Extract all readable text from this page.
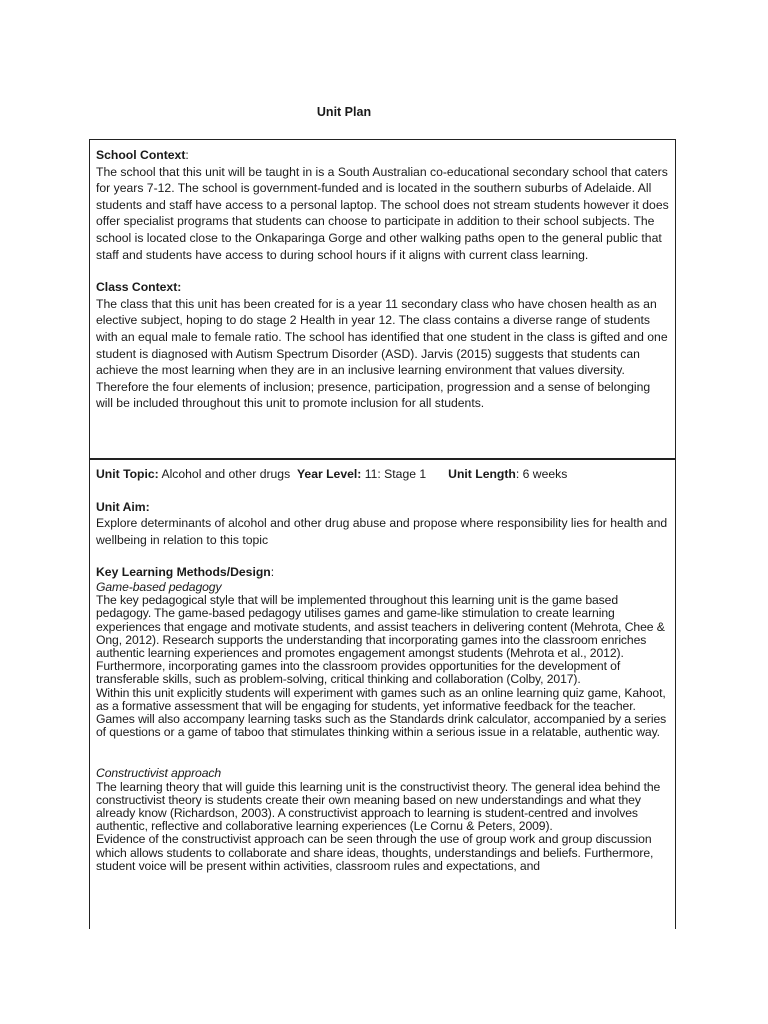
Unit Plan

School Context:

The school that this unit will be taught in is a South Australian co-educational secondary school that caters for years 7-12. The school is government-funded and is located in the southern suburbs of Adelaide. All students and staff have access to a personal laptop. The school does not stream students however it does offer specialist programs that students can choose to participate in addition to their school subjects. The school is located close to the Onkaparinga Gorge and other walking paths open to the general public that staff and students have access to during school hours if it aligns with current class learning.

Class Context:

The class that this unit has been created for is a year 11 secondary class who have chosen health as an elective subject, hoping to do stage 2 Health in year 12. The class contains a diverse range of students with an equal male to female ratio. The school has identified that one student in the class is gifted and one student is diagnosed with Autism Spectrum Disorder (ASD). Jarvis (2015) suggests that students can achieve the most learning when they are in an inclusive learning environment that values diversity. Therefore the four elements of inclusion; presence, participation, progression and a sense of belonging will be included throughout this unit to promote inclusion for all students.

Unit Topic: Alcohol and other drugs Year Level: 11: Stage 1 Unit Length: 6 weeks

Unit Aim:

Explore determinants of alcohol and other drug abuse and propose where responsibility lies for health and wellbeing in relation to this topic

Key Learning Methods/Design:

Game-based pedagogy

The key pedagogical style that will be implemented throughout this learning unit is the game based pedagogy. The game-based pedagogy utilises games and game-like stimulation to create learning experiences that engage and motivate students, and assist teachers in delivering content (Mehrota, Chee & Ong, 2012). Research supports the understanding that incorporating games into the classroom enriches authentic learning experiences and promotes engagement amongst students (Mehrota et al., 2012). Furthermore, incorporating games into the classroom provides opportunities for the development of transferable skills, such as problem-solving, critical thinking and collaboration (Colby, 2017).

Within this unit explicitly students will experiment with games such as an online learning quiz game, Kahoot, as a formative assessment that will be engaging for students, yet informative feedback for the teacher. Games will also accompany learning tasks such as the Standards drink calculator, accompanied by a series of questions or a game of taboo that stimulates thinking within a serious issue in a relatable, authentic way.

Constructivist approach

The learning theory that will guide this learning unit is the constructivist theory. The general idea behind the constructivist theory is students create their own meaning based on new understandings and what they already know (Richardson, 2003). A constructivist approach to learning is student-centred and involves authentic, reflective and collaborative learning experiences (Le Cornu & Peters, 2009).

Evidence of the constructivist approach can be seen through the use of group work and group discussion which allows students to collaborate and share ideas, thoughts, understandings and beliefs. Furthermore, student voice will be present within activities, classroom rules and expectations, and
